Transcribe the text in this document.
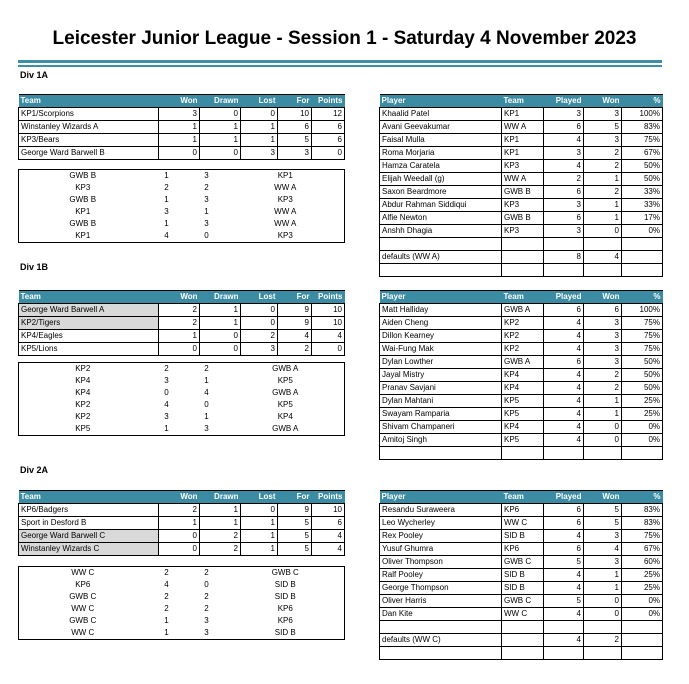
Leicester Junior League - Session 1 - Saturday 4 November 2023
Div 1A
Team	Won	Drawn	Lost	For	Points
KP1/Scorpions	3	0	0	10	12
Winstanley Wizards A	1	1	1	6	6
KP3/Bears	1	1	1	5	6
George Ward Barwell B	0	0	3	3	0
GWB B	1	3	KP1
KP3	2	2	WW A
GWB B	1	3	KP3
KP1	3	1	WW A
GWB B	1	3	WW A
KP1	4	0	KP3
Player	Team	Played	Won	%
Khaalid Patel	KP1	3	3	100%
Avani Geevakumar	WW A	6	5	83%
Faisal Mulla	KP1	4	3	75%
Roma Morjaria	KP1	3	2	67%
Hamza Caratela	KP3	4	2	50%
Elijah Weedall (g)	WW A	2	1	50%
Saxon Beardmore	GWB B	6	2	33%
Abdur Rahman Siddiqui	KP3	3	1	33%
Alfie Newton	GWB B	6	1	17%
Anshh Dhagia	KP3	3	0	0%

defaults (WW A)		8	4	

Div 1B
Team	Won	Drawn	Lost	For	Points
George Ward Barwell A	2	1	0	9	10
KP2/Tigers	2	1	0	9	10
KP4/Eagles	1	0	2	4	4
KP5/Lions	0	0	3	2	0
KP2	2	2	GWB A
KP4	3	1	KP5
KP4	0	4	GWB A
KP2	4	0	KP5
KP2	3	1	KP4
KP5	1	3	GWB A
Player	Team	Played	Won	%
Matt Halliday	GWB A	6	6	100%
Aiden Cheng	KP2	4	3	75%
Dillon Kearney	KP2	4	3	75%
Wai-Fung Mak	KP2	4	3	75%
Dylan Lowther	GWB A	6	3	50%
Jayal Mistry	KP4	4	2	50%
Pranav Savjani	KP4	4	2	50%
Dylan Mahtani	KP5	4	1	25%
Swayam Ramparia	KP5	4	1	25%
Shivam Champaneri	KP4	4	0	0%
Amitoj Singh	KP5	4	0	0%

Div 2A
Team	Won	Drawn	Lost	For	Points
KP6/Badgers	2	1	0	9	10
Sport in Desford B	1	1	1	5	6
George Ward Barwell C	0	2	1	5	4
Winstanley Wizards C	0	2	1	5	4
WW C	2	2	GWB C
KP6	4	0	SID B
GWB C	2	2	SID B
WW C	2	2	KP6
GWB C	1	3	KP6
WW C	1	3	SID B
Player	Team	Played	Won	%
Resandu Suraweera	KP6	6	5	83%
Leo Wycherley	WW C	6	5	83%
Rex Pooley	SID B	4	3	75%
Yusuf Ghumra	KP6	6	4	67%
Oliver Thompson	GWB C	5	3	60%
Ralf Pooley	SID B	4	1	25%
George Thompson	SID B	4	1	25%
Oliver Harris	GWB C	5	0	0%
Dan Kite	WW C	4	0	0%

defaults (WW C)		4	2	
